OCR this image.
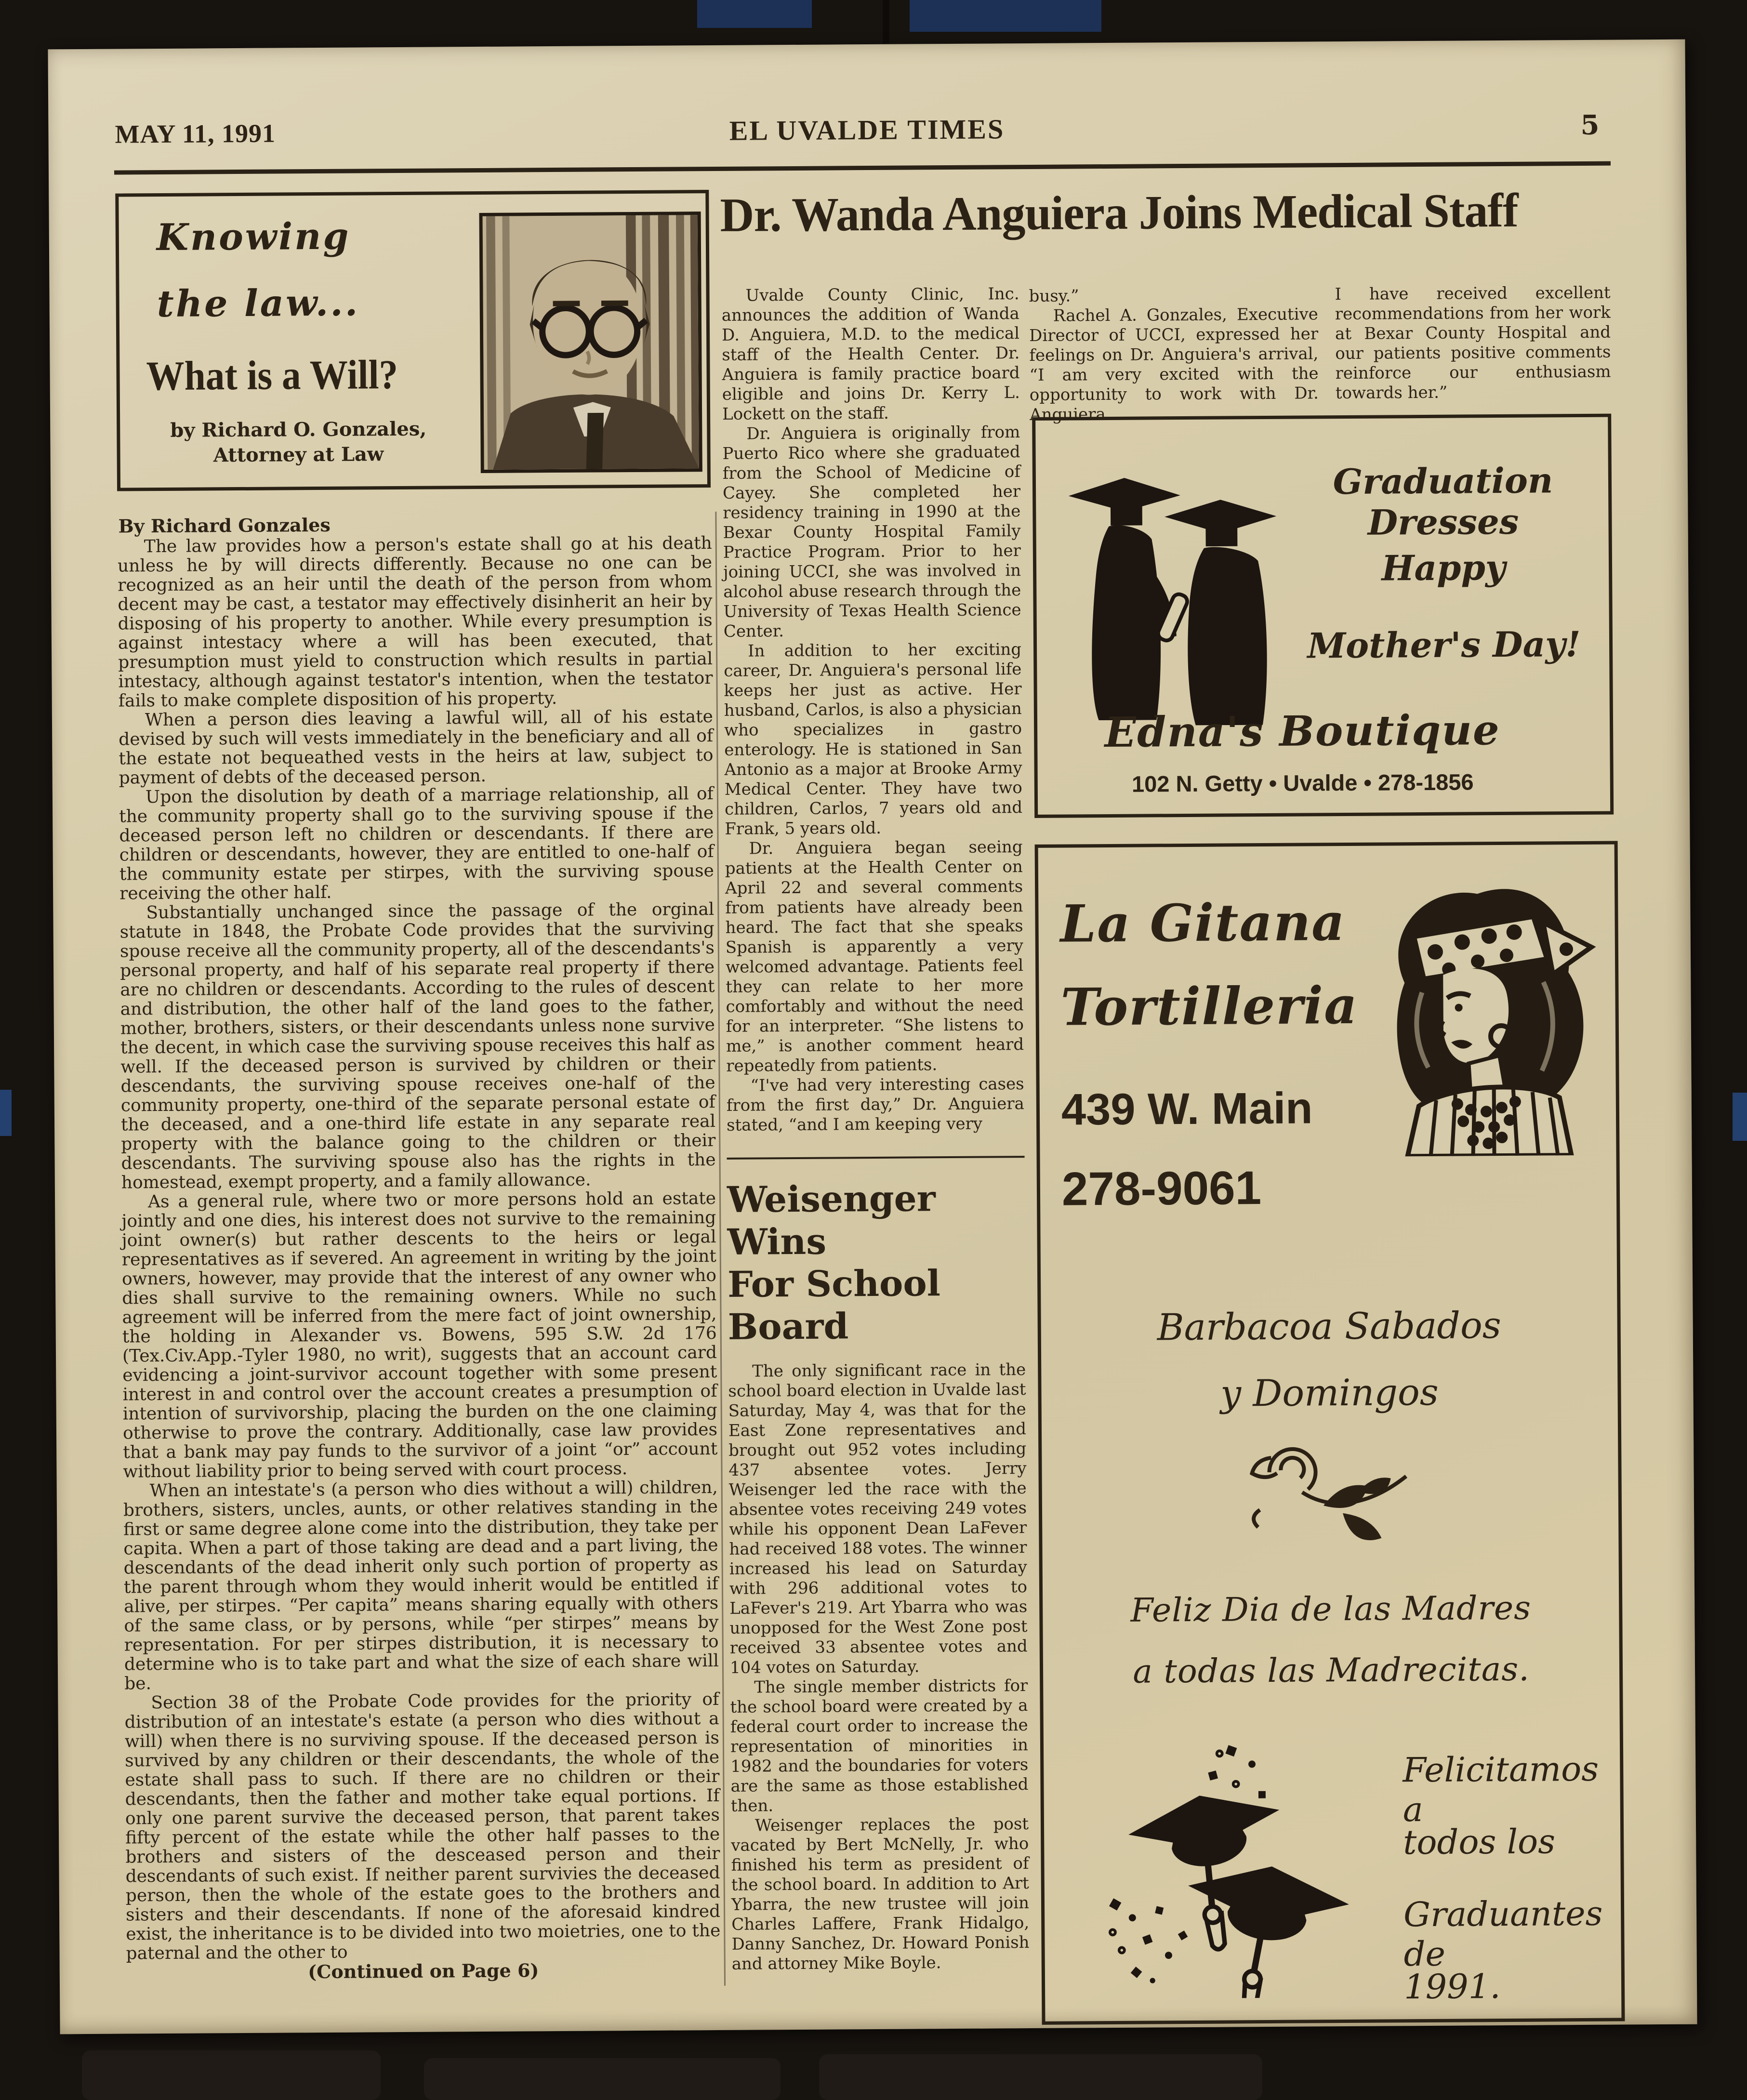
MAY 11, 1991	EL UVALDE TIMES	5
Knowing
the law...
What is a Will?
by Richard O. Gonzales,
Attorney at Law
By Richard Gonzales

The law provides how a person's estate shall go at his death unless he by will directs differently. Because no one can be recognized as an heir until the death of the person from whom decent may be cast, a testator may effectively disinherit an heir by disposing of his property to another. While every presumption is against intestacy where a will has been executed, that presumption must yield to construction which results in partial intestacy, although against testator's intention, when the testator fails to make complete disposition of his property.

When a person dies leaving a lawful will, all of his estate devised by such will vests immediately in the beneficiary and all of the estate not bequeathed vests in the heirs at law, subject to payment of debts of the deceased person.

Upon the disolution by death of a marriage relationship, all of the community property shall go to the surviving spouse if the deceased person left no children or descendants. If there are children or descendants, however, they are entitled to one-half of the community estate per stirpes, with the surviving spouse receiving the other half.

Substantially unchanged since the passage of the orginal statute in 1848, the Probate Code provides that the surviving spouse receive all the community property, all of the descendants's personal property, and half of his separate real property if there are no children or descendants. According to the rules of descent and distribution, the other half of the land goes to the father, mother, brothers, sisters, or their descendants unless none survive the decent, in which case the surviving spouse receives this half as well. If the deceased person is survived by children or their descendants, the surviving spouse receives one-half of the community property, one-third of the separate personal estate of the deceased, and a one-third life estate in any separate real property with the balance going to the children or their descendants. The surviving spouse also has the rights in the homestead, exempt property, and a family allowance.

As a general rule, where two or more persons hold an estate jointly and one dies, his interest does not survive to the remaining joint owner(s) but rather descents to the heirs or legal representatives as if severed. An agreement in writing by the joint owners, however, may provide that the interest of any owner who dies shall survive to the remaining owners. While no such agreement will be inferred from the mere fact of joint ownership, the holding in Alexander vs. Bowens, 595 S.W. 2d 176 (Tex.Civ.App.-Tyler 1980, no writ), suggests that an account card evidencing a joint-survivor account together with some present interest in and control over the account creates a presumption of intention of survivorship, placing the burden on the one claiming otherwise to prove the contrary. Additionally, case law provides that a bank may pay funds to the survivor of a joint “or” account without liability prior to being served with court process.

When an intestate's (a person who dies without a will) children, brothers, sisters, uncles, aunts, or other relatives standing in the first or same degree alone come into the distribution, they take per capita. When a part of those taking are dead and a part living, the descendants of the dead inherit only such portion of property as the parent through whom they would inherit would be entitled if alive, per stirpes. “Per capita” means sharing equally with others of the same class, or by persons, while “per stirpes” means by representation. For per stirpes distribution, it is necessary to determine who is to take part and what the size of each share will be.

Section 38 of the Probate Code provides for the priority of distribution of an intestate's estate (a person who dies without a will) when there is no surviving spouse. If the deceased person is survived by any children or their descendants, the whole of the estate shall pass to such. If there are no children or their descendants, then the father and mother take equal portions. If only one parent survive the deceased person, that parent takes fifty percent of the estate while the other half passes to the brothers and sisters of the desceased person and their descendants of such exist. If neither parent survivies the deceased person, then the whole of the estate goes to the brothers and sisters and their descendants. If none of the aforesaid kindred exist, the inheritance is to be divided into two moietries, one to the paternal and the other to

(Continued on Page 6)

Dr. Wanda Anguiera Joins Medical Staff

Uvalde County Clinic, Inc. announces the addition of Wanda D. Anguiera, M.D. to the medical staff of the Health Center. Dr. Anguiera is family practice board eligible and joins Dr. Kerry L. Lockett on the staff.

Dr. Anguiera is originally from Puerto Rico where she graduated from the School of Medicine of Cayey. She completed her residency training in 1990 at the Bexar County Hospital Family Practice Program. Prior to her joining UCCI, she was involved in alcohol abuse research through the University of Texas Health Science Center.

In addition to her exciting career, Dr. Anguiera's personal life keeps her just as active. Her husband, Carlos, is also a physician who specializes in gastro enterology. He is stationed in San Antonio as a major at Brooke Army Medical Center. They have two children, Carlos, 7 years old and Frank, 5 years old.

Dr. Anguiera began seeing patients at the Health Center on April 22 and several comments from patients have already been heard. The fact that she speaks Spanish is apparently a very welcomed advantage. Patients feel they can relate to her more comfortably and without the need for an interpreter. “She listens to me,” is another comment heard repeatedly from patients.

“I've had very interesting cases from the first day,” Dr. Anguiera stated, “and I am keeping very

Weisenger Wins
For School Board

The only significant race in the school board election in Uvalde last Saturday, May 4, was that for the East Zone representatives and brought out 952 votes including 437 absentee votes. Jerry Weisenger led the race with the absentee votes receiving 249 votes while his opponent Dean LaFever had received 188 votes. The winner increased his lead on Saturday with 296 additional votes to LaFever's 219. Art Ybarra who was unopposed for the West Zone post received 33 absentee votes and 104 votes on Saturday.

The single member districts for the school board were created by a federal court order to increase the representation of minorities in 1982 and the boundaries for voters are the same as those established then.

Weisenger replaces the post vacated by Bert McNelly, Jr. who finished his term as president of the school board. In addition to Art Ybarra, the new trustee will join Charles Laffere, Frank Hidalgo, Danny Sanchez, Dr. Howard Ponish and attorney Mike Boyle.

busy.”

Rachel A. Gonzales, Executive Director of UCCI, expressed her feelings on Dr. Anguiera's arrival, “I am very excited with the opportunity to work with Dr. Anguiera.

I have received excellent recommendations from her work at Bexar County Hospital and our patients positive comments reinforce our enthusiasm towards her.”

Graduation Dresses
Happy
Mother's Day!
Edna's Boutique
102 N. Getty • Uvalde • 278-1856
La Gitana
Tortilleria
439 W. Main
278-9061
Barbacoa Sabados
y Domingos
Feliz Dia de las Madres
a todas las Madrecitas.
Felicitamos a
todos los
Graduantes de
1991.
